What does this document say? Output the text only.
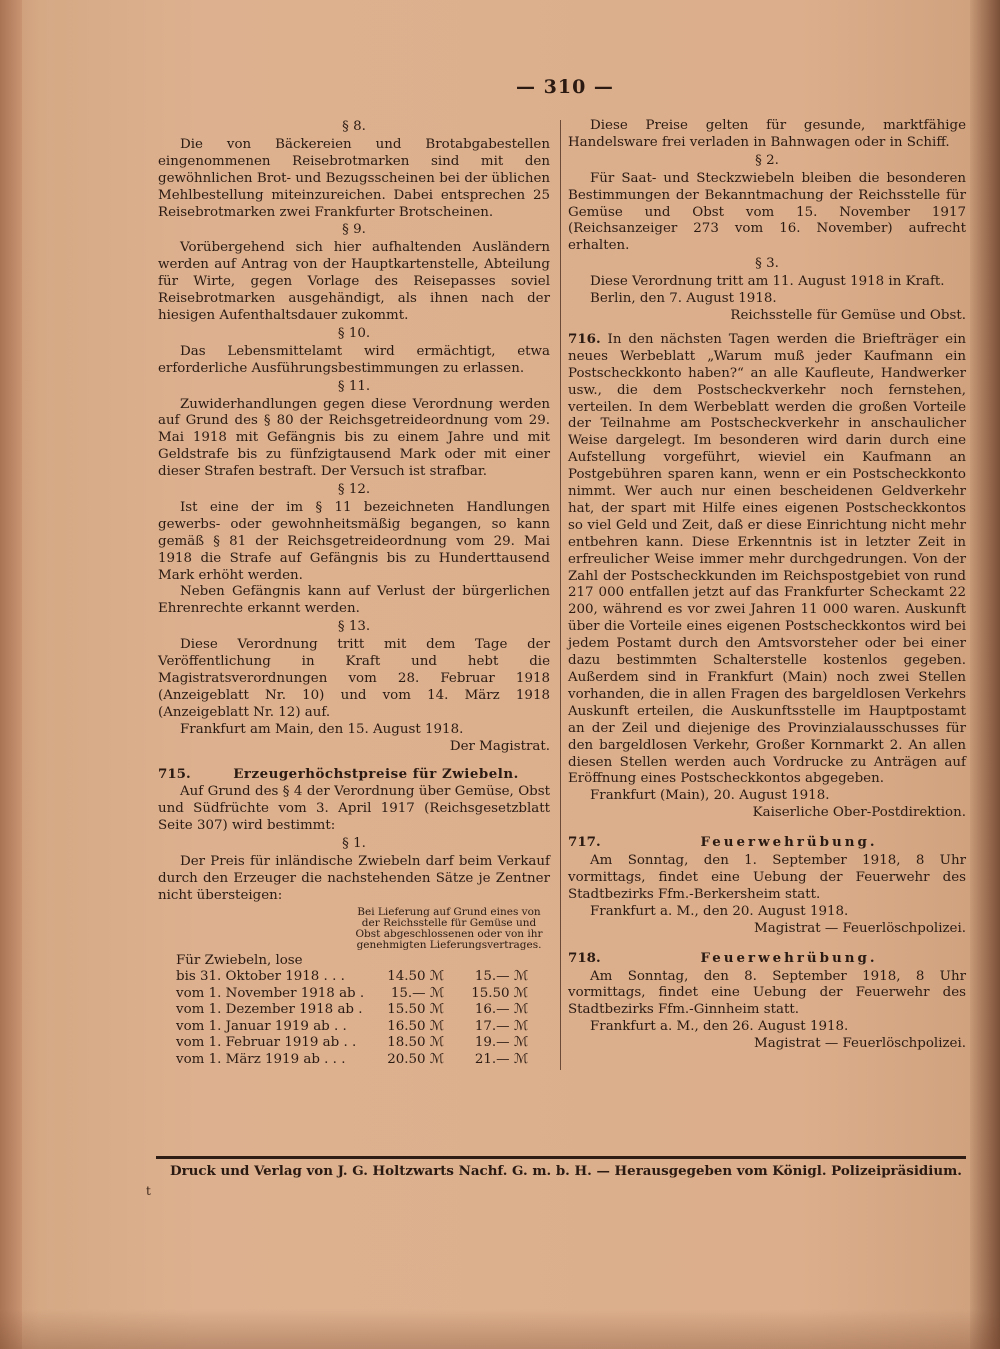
— 310 —
§ 8.

Die von Bäckereien und Brotabgabestellen eingenommenen Reisebrotmarken sind mit den gewöhnlichen Brot- und Bezugsscheinen bei der üblichen Mehlbestellung miteinzureichen. Dabei entsprechen 25 Reisebrotmarken zwei Frankfurter Brotscheinen.

§ 9.

Vorübergehend sich hier aufhaltenden Ausländern werden auf Antrag von der Hauptkartenstelle, Abteilung für Wirte, gegen Vorlage des Reisepasses soviel Reisebrotmarken ausgehändigt, als ihnen nach der hiesigen Aufenthaltsdauer zukommt.

§ 10.

Das Lebensmittelamt wird ermächtigt, etwa erforderliche Ausführungsbestimmungen zu erlassen.

§ 11.

Zuwiderhandlungen gegen diese Verordnung werden auf Grund des § 80 der Reichsgetreideordnung vom 29. Mai 1918 mit Gefängnis bis zu einem Jahre und mit Geldstrafe bis zu fünfzigtausend Mark oder mit einer dieser Strafen bestraft. Der Versuch ist strafbar.

§ 12.

Ist eine der im § 11 bezeichneten Handlungen gewerbs- oder gewohnheitsmäßig begangen, so kann gemäß § 81 der Reichsgetreideordnung vom 29. Mai 1918 die Strafe auf Gefängnis bis zu Hunderttausend Mark erhöht werden.

Neben Gefängnis kann auf Verlust der bürgerlichen Ehrenrechte erkannt werden.

§ 13.

Diese Verordnung tritt mit dem Tage der Veröffentlichung in Kraft und hebt die Magistratsverordnungen vom 28. Februar 1918 (Anzeigeblatt Nr. 10) und vom 14. März 1918 (Anzeigeblatt Nr. 12) auf.

Frankfurt am Main, den 15. August 1918.

Der Magistrat.

715.	Erzeugerhöchstpreise für Zwiebeln.

Auf Grund des § 4 der Verordnung über Gemüse, Obst und Südfrüchte vom 3. April 1917 (Reichsgesetzblatt Seite 307) wird bestimmt:

§ 1.

Der Preis für inländische Zwiebeln darf beim Verkauf durch den Erzeuger die nachstehenden Sätze je Zentner nicht übersteigen:

Bei Lieferung auf Grund eines von der Reichsstelle für Gemüse und Obst abgeschlossenen oder von ihr genehmigten Lieferungsvertrages.
Für Zwiebeln, lose		
bis 31. Oktober 1918 . . .	14.50 ℳ	15.— ℳ
vom 1. November 1918 ab .	15.— ℳ	15.50 ℳ
vom 1. Dezember 1918 ab .	15.50 ℳ	16.— ℳ
vom 1. Januar 1919 ab . .	16.50 ℳ	17.— ℳ
vom 1. Februar 1919 ab . .	18.50 ℳ	19.— ℳ
vom 1. März 1919 ab . . .	20.50 ℳ	21.— ℳ

Diese Preise gelten für gesunde, marktfähige Handelsware frei verladen in Bahnwagen oder in Schiff.

§ 2.

Für Saat- und Steckzwiebeln bleiben die besonderen Bestimmungen der Bekanntmachung der Reichsstelle für Gemüse und Obst vom 15. November 1917 (Reichsanzeiger 273 vom 16. November) aufrecht erhalten.

§ 3.

Diese Verordnung tritt am 11. August 1918 in Kraft.

Berlin, den 7. August 1918.

Reichsstelle für Gemüse und Obst.

716. In den nächsten Tagen werden die Briefträger ein neues Werbeblatt „Warum muß jeder Kaufmann ein Postscheckkonto haben?“ an alle Kaufleute, Handwerker usw., die dem Postscheckverkehr noch fernstehen, verteilen. In dem Werbeblatt werden die großen Vorteile der Teilnahme am Postscheckverkehr in anschaulicher Weise dargelegt. Im besonderen wird darin durch eine Aufstellung vorgeführt, wieviel ein Kaufmann an Postgebühren sparen kann, wenn er ein Postscheckkonto nimmt. Wer auch nur einen bescheidenen Geldverkehr hat, der spart mit Hilfe eines eigenen Postscheckkontos so viel Geld und Zeit, daß er diese Einrichtung nicht mehr entbehren kann. Diese Erkenntnis ist in letzter Zeit in erfreulicher Weise immer mehr durchgedrungen. Von der Zahl der Postscheckkunden im Reichspostgebiet von rund 217 000 entfallen jetzt auf das Frankfurter Scheckamt 22 200, während es vor zwei Jahren 11 000 waren. Auskunft über die Vorteile eines eigenen Postscheckkontos wird bei jedem Postamt durch den Amtsvorsteher oder bei einer dazu bestimmten Schalterstelle kostenlos gegeben. Außerdem sind in Frankfurt (Main) noch zwei Stellen vorhanden, die in allen Fragen des bargeldlosen Verkehrs Auskunft erteilen, die Auskunftsstelle im Hauptpostamt an der Zeil und diejenige des Provinzialausschusses für den bargeldlosen Verkehr, Großer Kornmarkt 2. An allen diesen Stellen werden auch Vordrucke zu Anträgen auf Eröffnung eines Postscheckkontos abgegeben.

Frankfurt (Main), 20. August 1918.

Kaiserliche Ober-Postdirektion.

717.	Feuerwehrübung.

Am Sonntag, den 1. September 1918, 8 Uhr vormittags, findet eine Uebung der Feuerwehr des Stadtbezirks Ffm.-Berkersheim statt.

Frankfurt a. M., den 20. August 1918.

Magistrat — Feuerlöschpolizei.

718.	Feuerwehrübung.

Am Sonntag, den 8. September 1918, 8 Uhr vormittags, findet eine Uebung der Feuerwehr des Stadtbezirks Ffm.-Ginnheim statt.

Frankfurt a. M., den 26. August 1918.

Magistrat — Feuerlöschpolizei.

Druck und Verlag von J. G. Holtzwarts Nachf. G. m. b. H. — Herausgegeben vom Königl. Polizeipräsidium.
t
